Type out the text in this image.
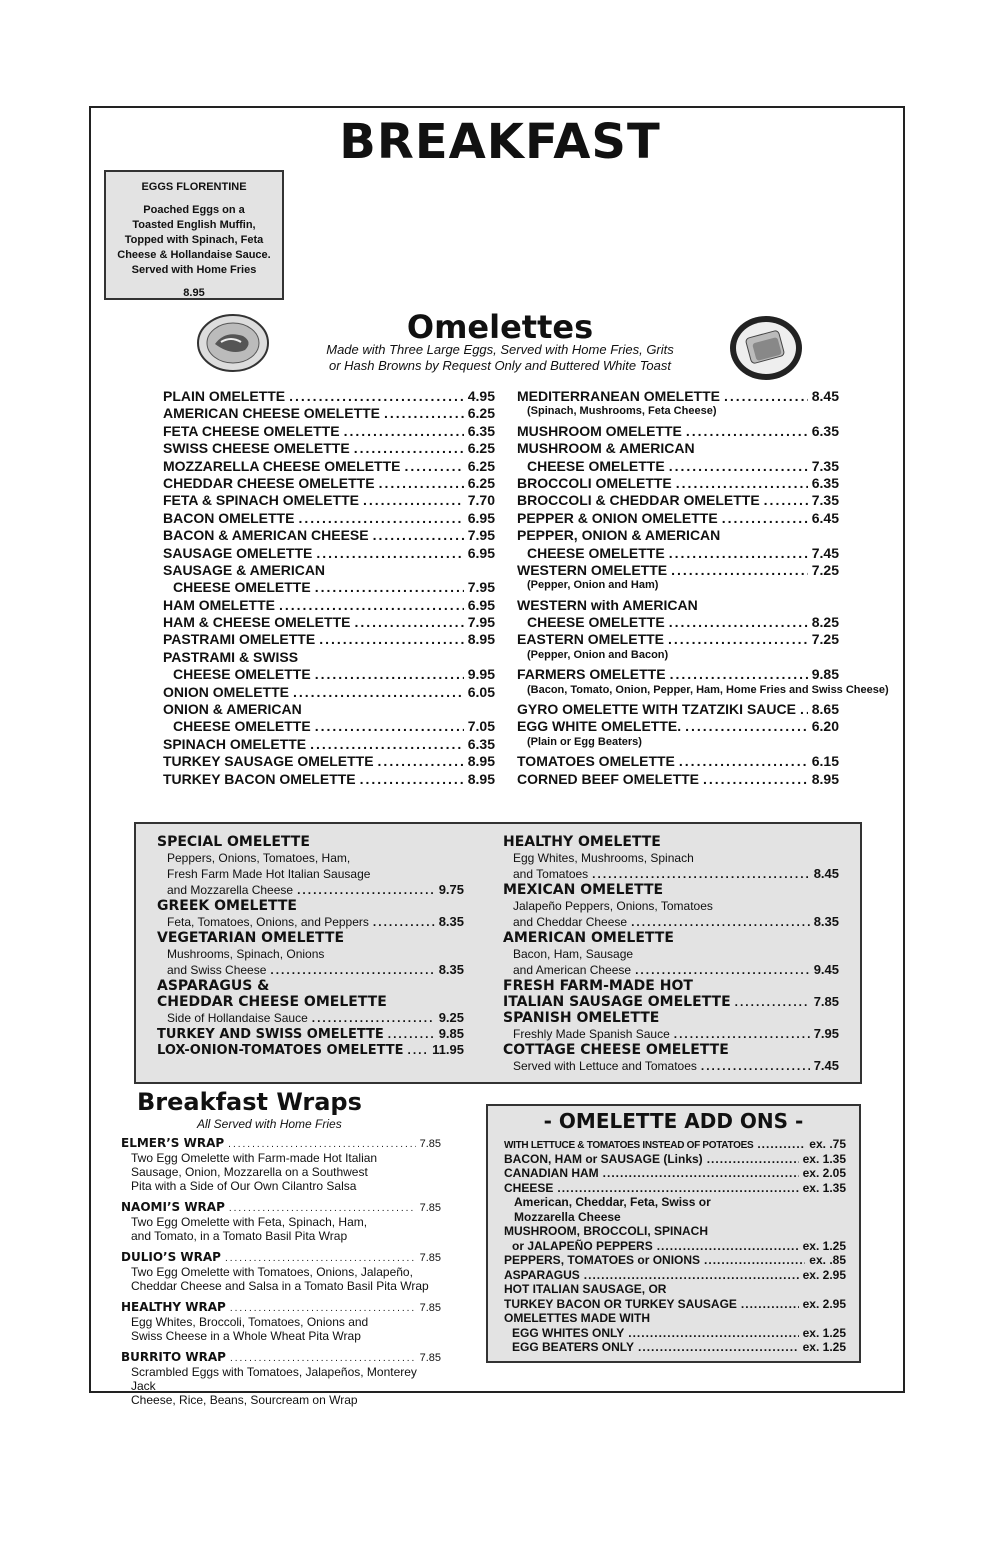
BREAKFAST
EGGS FLORENTINE
Poached Eggs on a
Toasted English Muffin,
Topped with Spinach, Feta
Cheese & Hollandaise Sauce.
Served with Home Fries
8.95
Omelettes
Made with Three Large Eggs, Served with Home Fries, Grits
or Hash Browns by Request Only and Buttered White Toast
PLAIN OMELETTE .....	4.95
AMERICAN CHEESE OMELETTE .....	6.25
FETA CHEESE OMELETTE .....	6.35
SWISS CHEESE OMELETTE .....	6.25
MOZZARELLA CHEESE OMELETTE .....	6.25
CHEDDAR CHEESE OMELETTE .....	6.25
FETA & SPINACH OMELETTE .....	7.70
BACON OMELETTE .....	6.95
BACON & AMERICAN CHEESE .....	7.95
SAUSAGE OMELETTE .....	6.95
SAUSAGE & AMERICAN
CHEESE OMELETTE .....	7.95
HAM OMELETTE .....	6.95
HAM & CHEESE OMELETTE .....	7.95
PASTRAMI OMELETTE .....	8.95
PASTRAMI & SWISS
CHEESE OMELETTE .....	9.95
ONION OMELETTE .....	6.05
ONION & AMERICAN
CHEESE OMELETTE .....	7.05
SPINACH OMELETTE .....	6.35
TURKEY SAUSAGE OMELETTE .....	8.95
TURKEY BACON OMELETTE .....	8.95
MEDITERRANEAN OMELETTE .....	8.45
(Spinach, Mushrooms, Feta Cheese)
MUSHROOM OMELETTE .....	6.35
MUSHROOM & AMERICAN
CHEESE OMELETTE .....	7.35
BROCCOLI OMELETTE .....	6.35
BROCCOLI & CHEDDAR OMELETTE .....	7.35
PEPPER & ONION OMELETTE .....	6.45
PEPPER, ONION & AMERICAN
CHEESE OMELETTE .....	7.45
WESTERN OMELETTE .....	7.25
(Pepper, Onion and Ham)
WESTERN with AMERICAN
CHEESE OMELETTE .....	8.25
EASTERN OMELETTE .....	7.25
(Pepper, Onion and Bacon)
FARMERS OMELETTE .....	9.85
(Bacon, Tomato, Onion, Pepper, Ham, Home Fries and Swiss Cheese)
GYRO OMELETTE WITH TZATZIKI SAUCE ..... 8.65
EGG WHITE OMELETTE. .....	6.20
(Plain or Egg Beaters)
TOMATOES OMELETTE .....	6.15
CORNED BEEF OMELETTE .....	8.95
SPECIAL OMELETTE
Peppers, Onions, Tomatoes, Ham,
Fresh Farm Made Hot Italian Sausage
and Mozzarella Cheese .....	9.75
GREEK OMELETTE
Feta, Tomatoes, Onions, and Peppers .....	8.35
VEGETARIAN OMELETTE
Mushrooms, Spinach, Onions
and Swiss Cheese .....	8.35
ASPARAGUS &
CHEDDAR CHEESE OMELETTE
Side of Hollandaise Sauce .....	9.25
TURKEY AND SWISS OMELETTE .....	9.85
LOX-ONION-TOMATOES OMELETTE ..... 11.95
HEALTHY OMELETTE
Egg Whites, Mushrooms, Spinach
and Tomatoes .....	8.45
MEXICAN OMELETTE
Jalapeño Peppers, Onions, Tomatoes
and Cheddar Cheese .....	8.35
AMERICAN OMELETTE
Bacon, Ham, Sausage
and American Cheese .....	9.45
FRESH FARM-MADE HOT
ITALIAN SAUSAGE OMELETTE .....	7.85
SPANISH OMELETTE
Freshly Made Spanish Sauce .....	7.95
COTTAGE CHEESE OMELETTE
Served with Lettuce and Tomatoes .....	7.45
Breakfast Wraps
All Served with Home Fries
ELMER’S WRAP .....	7.85
Two Egg Omelette with Farm-made Hot Italian
Sausage, Onion, Mozzarella on a Southwest
Pita with a Side of Our Own Cilantro Salsa
NAOMI’S WRAP .....	7.85
Two Egg Omelette with Feta, Spinach, Ham,
and Tomato, in a Tomato Basil Pita Wrap
DULIO’S WRAP .....	7.85
Two Egg Omelette with Tomatoes, Onions, Jalapeño,
Cheddar Cheese and Salsa in a Tomato Basil Pita Wrap
HEALTHY WRAP .....	7.85
Egg Whites, Broccoli, Tomatoes, Onions and
Swiss Cheese in a Whole Wheat Pita Wrap
BURRITO WRAP .....	7.85
Scrambled Eggs with Tomatoes, Jalapeños, Monterey Jack
Cheese, Rice, Beans, Sourcream on Wrap
- OMELETTE ADD ONS -
WITH LETTUCE & TOMATOES INSTEAD OF POTATOES .....	ex. .75
BACON, HAM or SAUSAGE (Links) .....	ex. 1.35
CANADIAN HAM .....	ex. 2.05
CHEESE .....	ex. 1.35
American, Cheddar, Feta, Swiss or
Mozzarella Cheese
MUSHROOM, BROCCOLI, SPINACH
or JALAPEÑO PEPPERS .....	ex. 1.25
PEPPERS, TOMATOES or ONIONS .....	ex. .85
ASPARAGUS .....	ex. 2.95
HOT ITALIAN SAUSAGE, OR
TURKEY BACON OR TURKEY SAUSAGE .....	ex. 2.95
OMELETTES MADE WITH
EGG WHITES ONLY .....	ex. 1.25
EGG BEATERS ONLY .....	ex. 1.25
